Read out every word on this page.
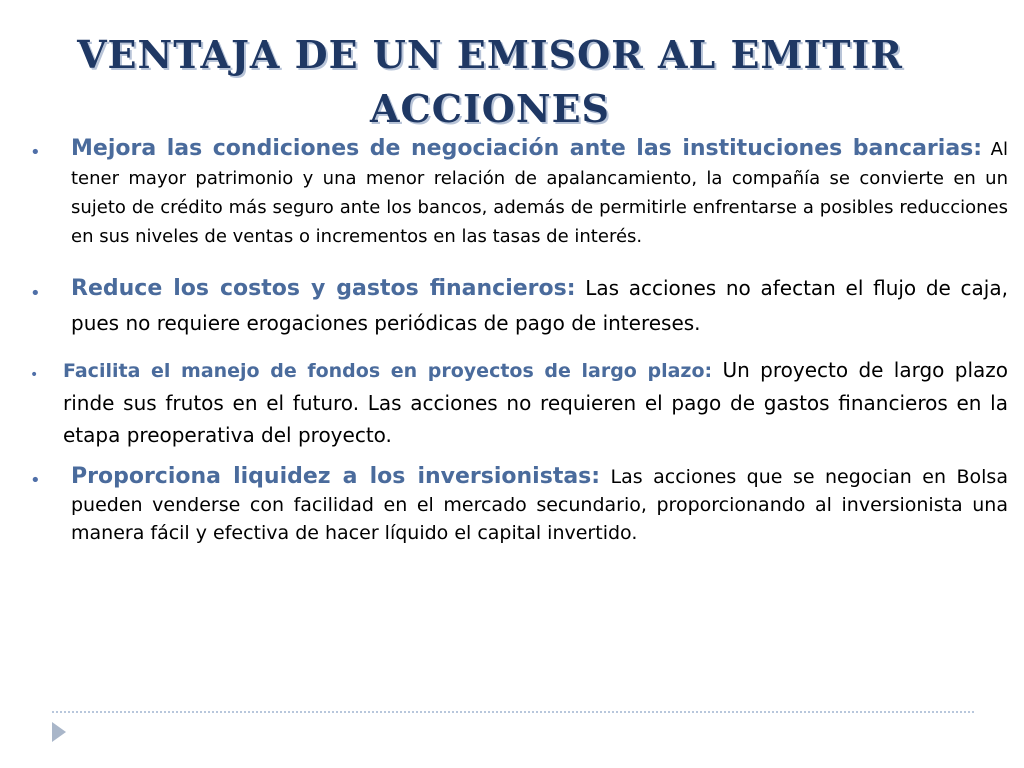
VENTAJA DE UN EMISOR AL EMITIR
ACCIONES
• Mejora las condiciones de negociación ante las instituciones bancarias: Al tener mayor patrimonio y una menor relación de apalancamiento, la compañía se convierte en un sujeto de crédito más seguro ante los bancos, además de permitirle enfrentarse a posibles reducciones en sus niveles de ventas o incrementos en las tasas de interés.
• Reduce los costos y gastos financieros: Las acciones no afectan el flujo de caja, pues no requiere erogaciones periódicas de pago de intereses.
• Facilita el manejo de fondos en proyectos de largo plazo: Un proyecto de largo plazo rinde sus frutos en el futuro. Las acciones no requieren el pago de gastos financieros en la etapa preoperativa del proyecto.
• Proporciona liquidez a los inversionistas: Las acciones que se negocian en Bolsa pueden venderse con facilidad en el mercado secundario, proporcionando al inversionista una manera fácil y efectiva de hacer líquido el capital invertido.
